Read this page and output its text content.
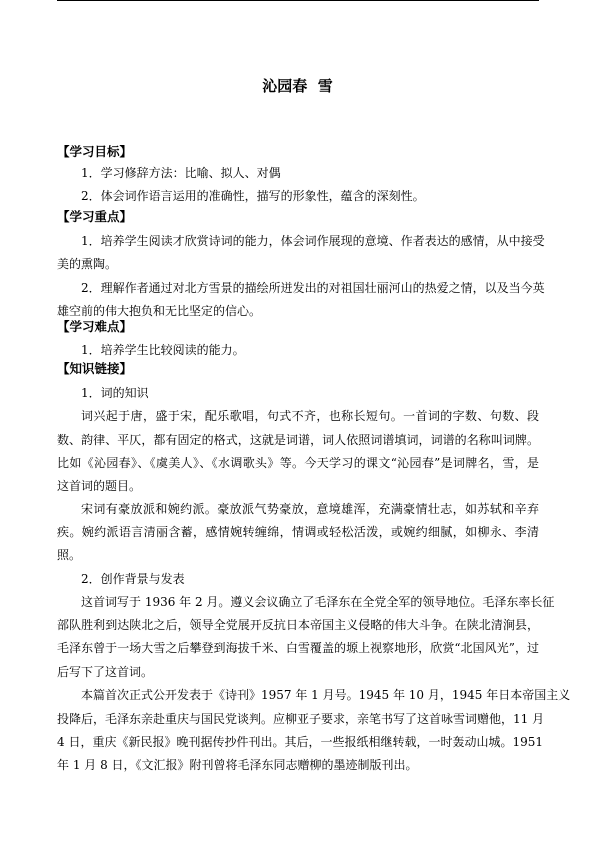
沁园春  雪
【学习目标】
1．学习修辞方法：比喻、拟人、对偶
2．体会词作语言运用的准确性，描写的形象性，蕴含的深刻性。
【学习重点】
1．培养学生阅读才欣赏诗词的能力，体会词作展现的意境、作者表达的感情，从中接受
美的熏陶。
2．理解作者通过对北方雪景的描绘所迸发出的对祖国壮丽河山的热爱之情，以及当今英
雄空前的伟大抱负和无比坚定的信心。
【学习难点】
1．培养学生比较阅读的能力。
【知识链接】
1．词的知识
词兴起于唐，盛于宋，配乐歌唱，句式不齐，也称长短句。一首词的字数、句数、段
数、韵律、平仄，都有固定的格式，这就是词谱，词人依照词谱填词，词谱的名称叫词牌。
比如《沁园春》、《虞美人》、《水调歌头》等。今天学习的课文“沁园春”是词牌名，雪，是
这首词的题目。
宋词有豪放派和婉约派。豪放派气势豪放，意境雄浑，充满豪情壮志，如苏轼和辛弃
疾。婉约派语言清丽含蓄，感情婉转缠绵，情调或轻松活泼，或婉约细腻，如柳永、李清
照。
2．创作背景与发表
这首词写于 1936 年 2 月。遵义会议确立了毛泽东在全党全军的领导地位。毛泽东率长征
部队胜利到达陕北之后，领导全党展开反抗日本帝国主义侵略的伟大斗争。在陕北清涧县，
毛泽东曾于一场大雪之后攀登到海拔千米、白雪覆盖的塬上视察地形，欣赏“北国风光”，过
后写下了这首词。
本篇首次正式公开发表于《诗刊》1957 年 1 月号。1945 年 10 月，1945 年日本帝国主义
投降后，毛泽东亲赴重庆与国民党谈判。应柳亚子要求，亲笔书写了这首咏雪词赠他，11 月
4 日，重庆《新民报》晚刊据传抄件刊出。其后，一些报纸相继转载，一时轰动山城。1951
年 1 月 8 日，《文汇报》附刊曾将毛泽东同志赠柳的墨迹制版刊出。
